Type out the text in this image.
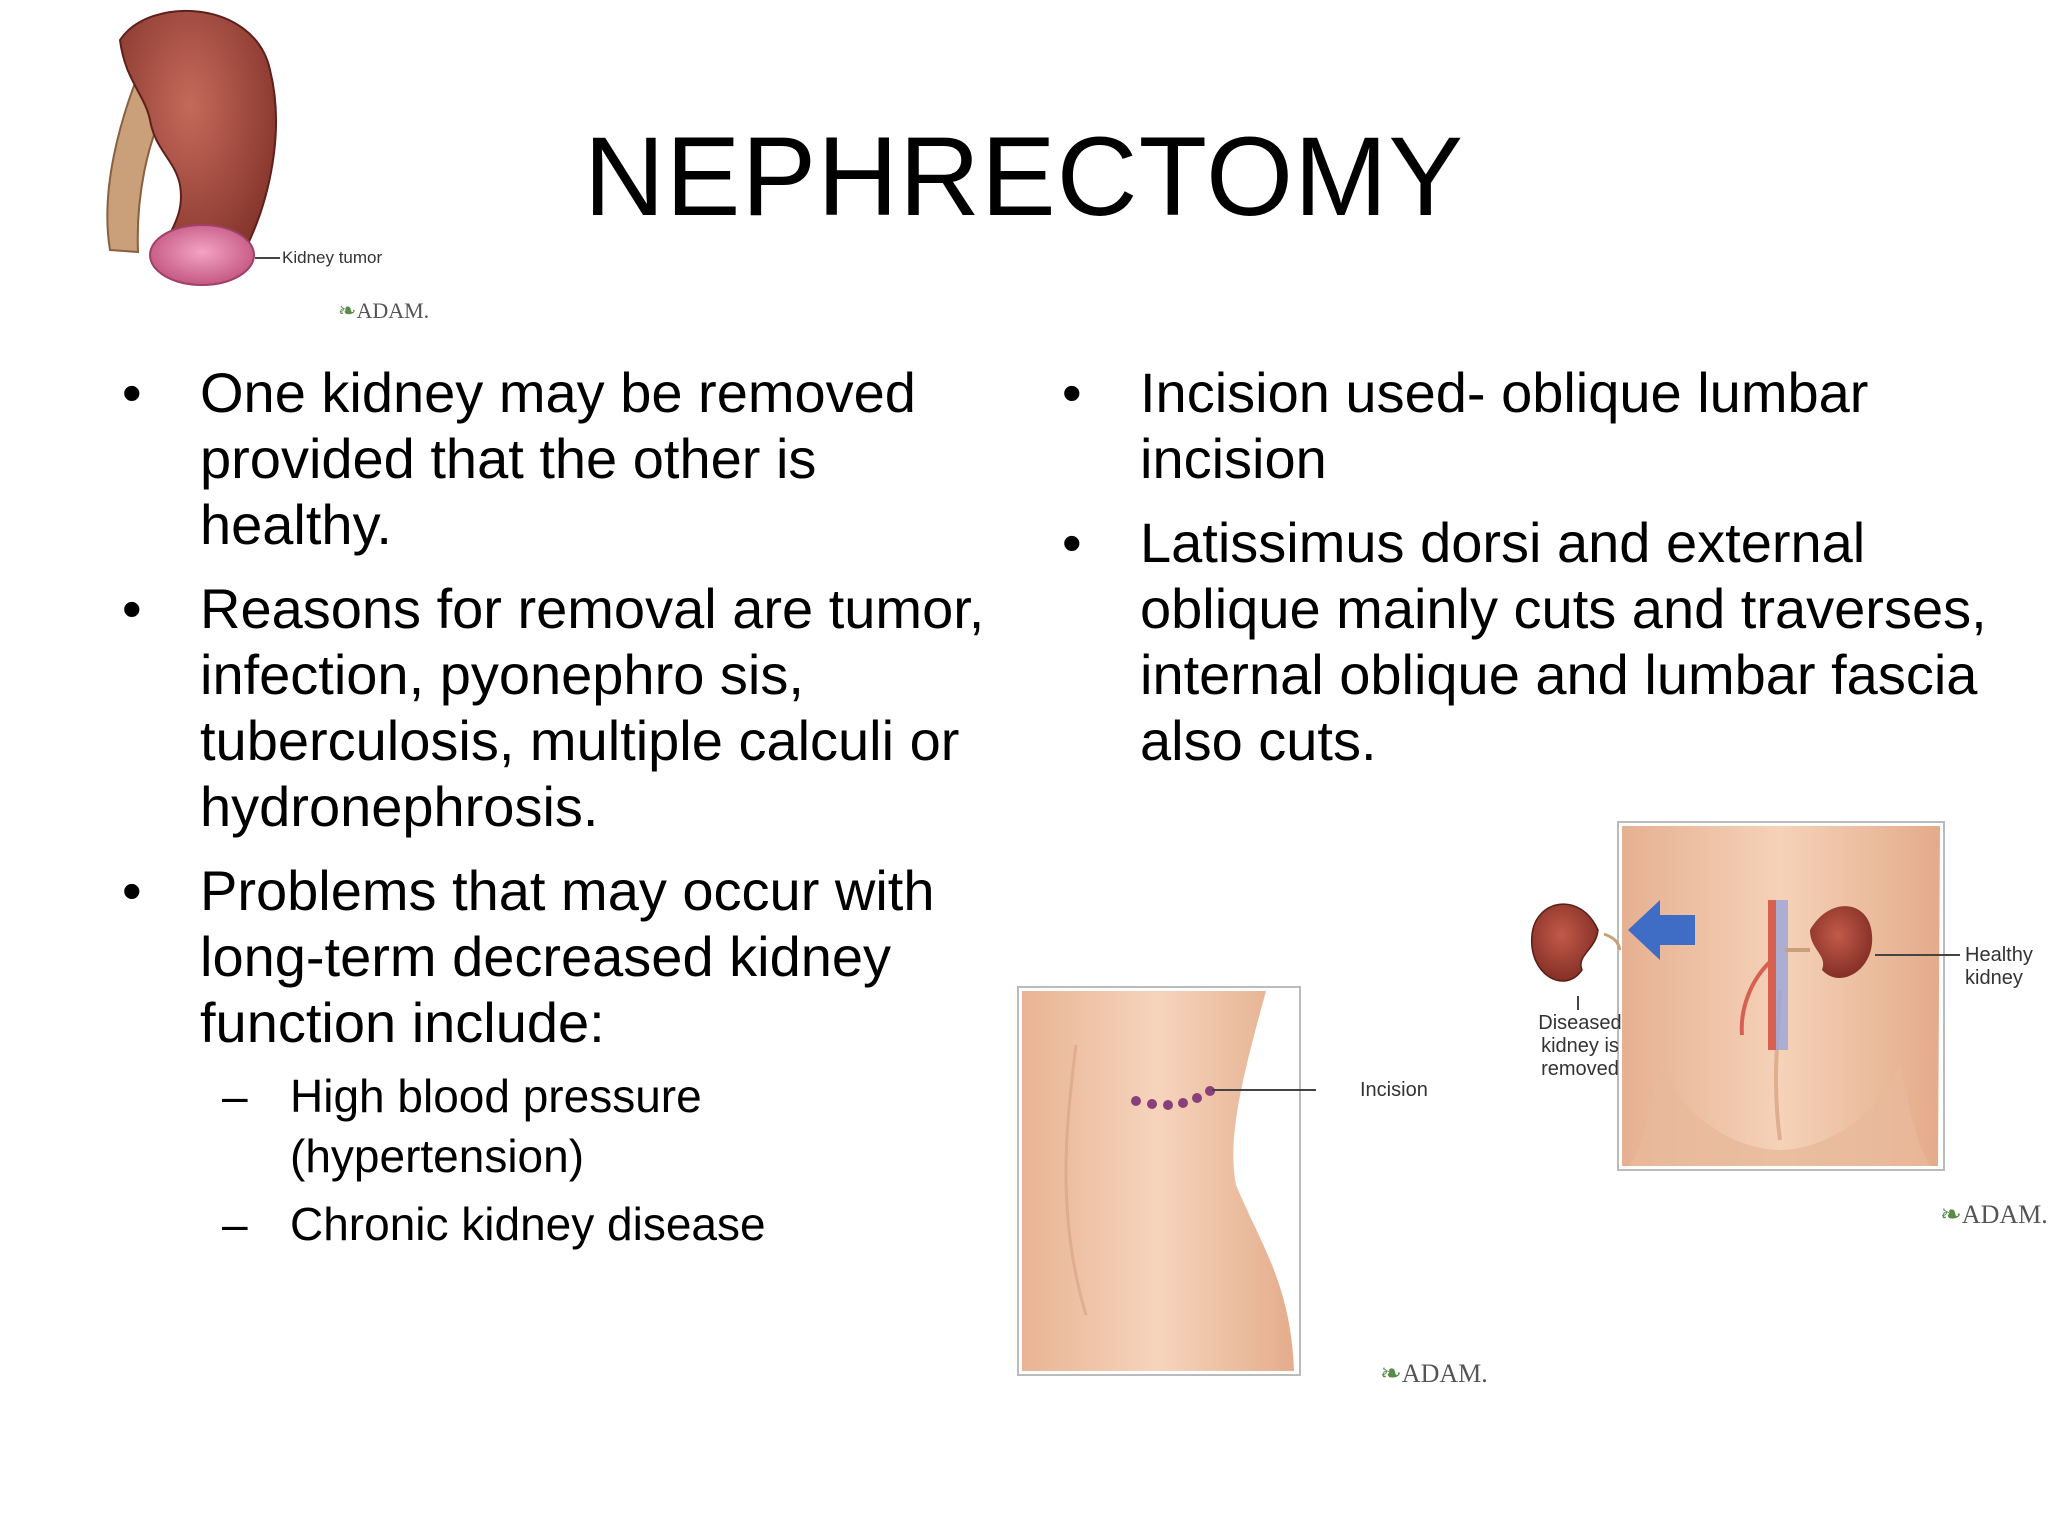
NEPHRECTOMY
Kidney tumor
❧ADAM.
• One kidney may be removed provided that the other is healthy.
• Reasons for removal are tumor, infection, pyonephro sis, tuberculosis, multiple calculi or hydronephrosis.
• Problems that may occur with long-term decreased kidney function include:
– High blood pressure (hypertension)
– Chronic kidney disease
• Incision used- oblique lumbar incision
• Latissimus dorsi and external oblique mainly cuts and traverses, internal oblique and lumbar fascia also cuts.
Incision
❧ADAM.
Diseased kidney is removed
Healthy kidney
❧ADAM.
